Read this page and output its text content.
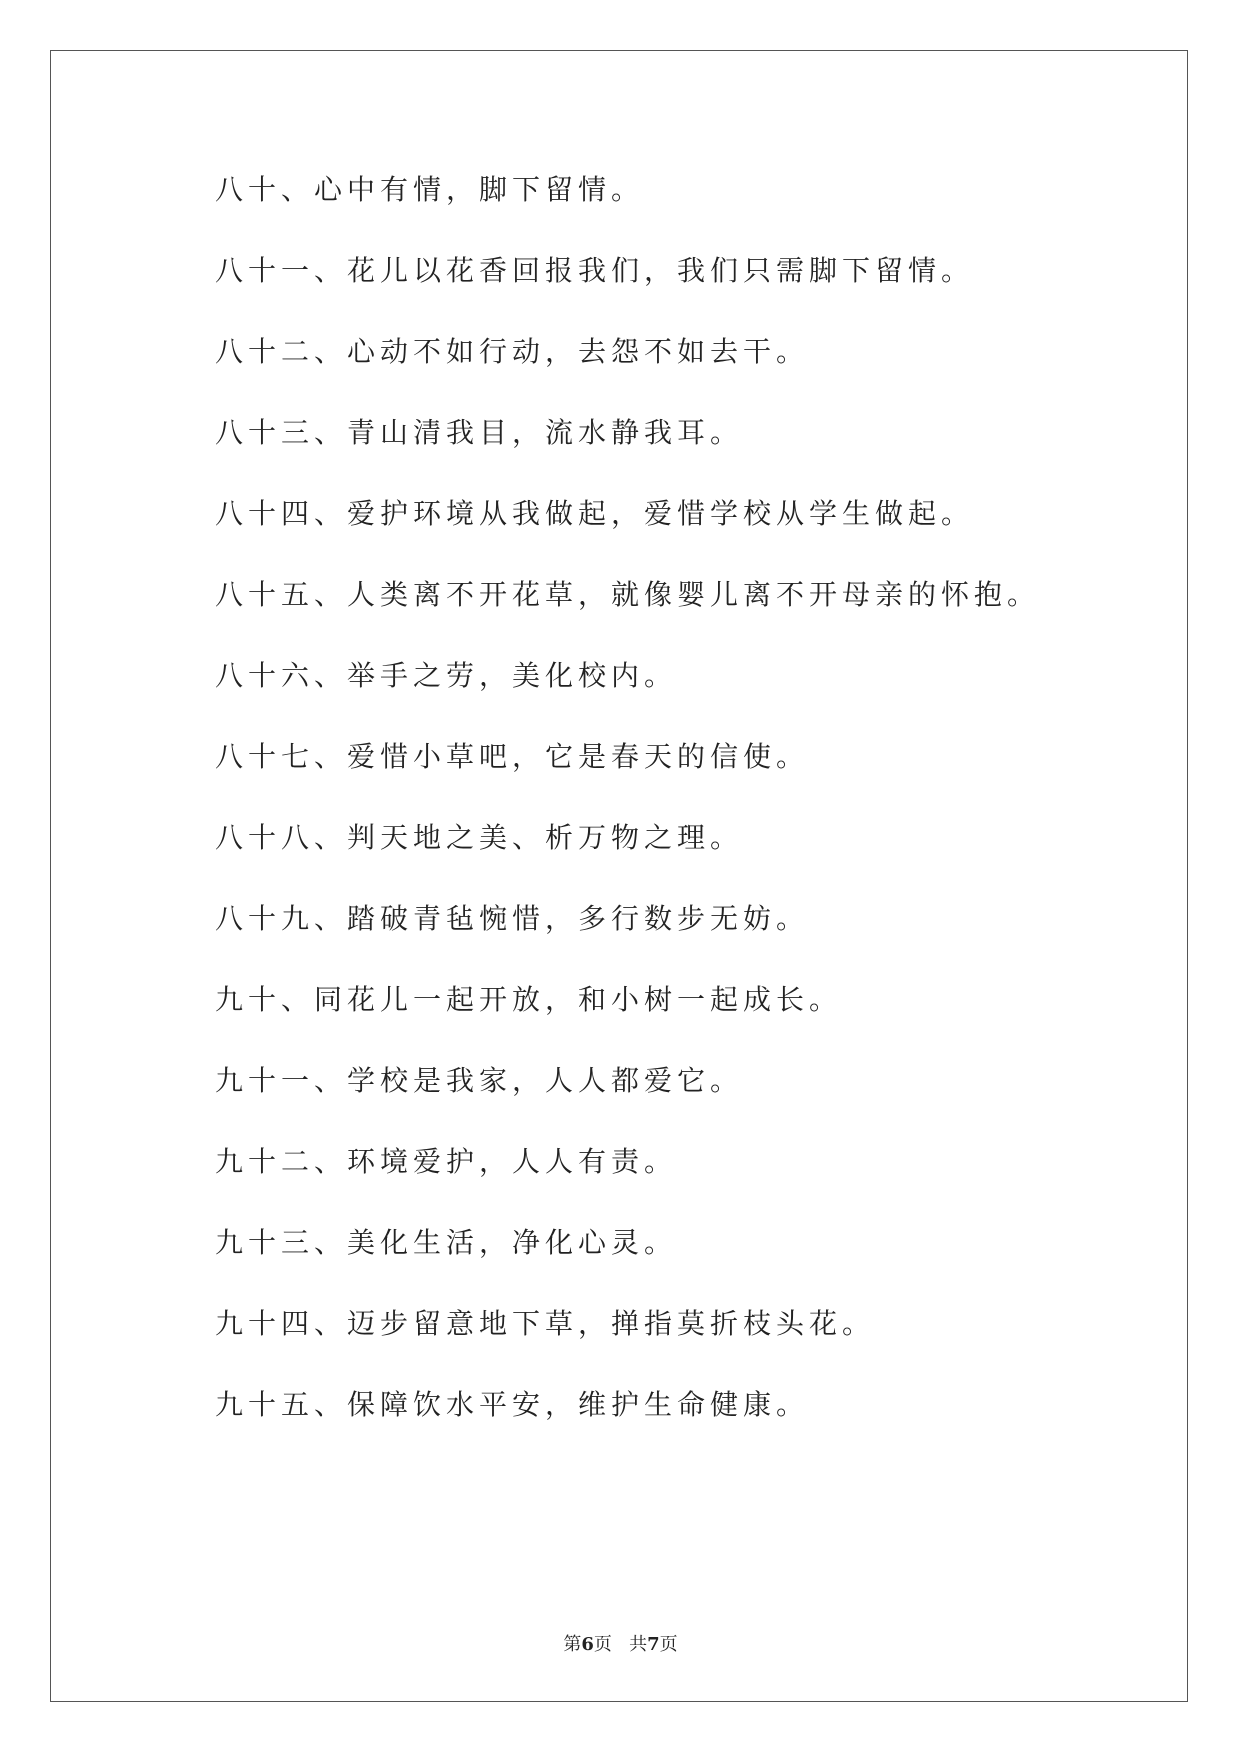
八十、心中有情，脚下留情。
八十一、花儿以花香回报我们，我们只需脚下留情。
八十二、心动不如行动，去怨不如去干。
八十三、青山清我目，流水静我耳。
八十四、爱护环境从我做起，爱惜学校从学生做起。
八十五、人类离不开花草，就像婴儿离不开母亲的怀抱。
八十六、举手之劳，美化校内。
八十七、爱惜小草吧，它是春天的信使。
八十八、判天地之美、析万物之理。
八十九、踏破青毡惋惜，多行数步无妨。
九十、同花儿一起开放，和小树一起成长。
九十一、学校是我家，人人都爱它。
九十二、环境爱护，人人有责。
九十三、美化生活，净化心灵。
九十四、迈步留意地下草，掸指莫折枝头花。
九十五、保障饮水平安，维护生命健康。
第6页 共7页
